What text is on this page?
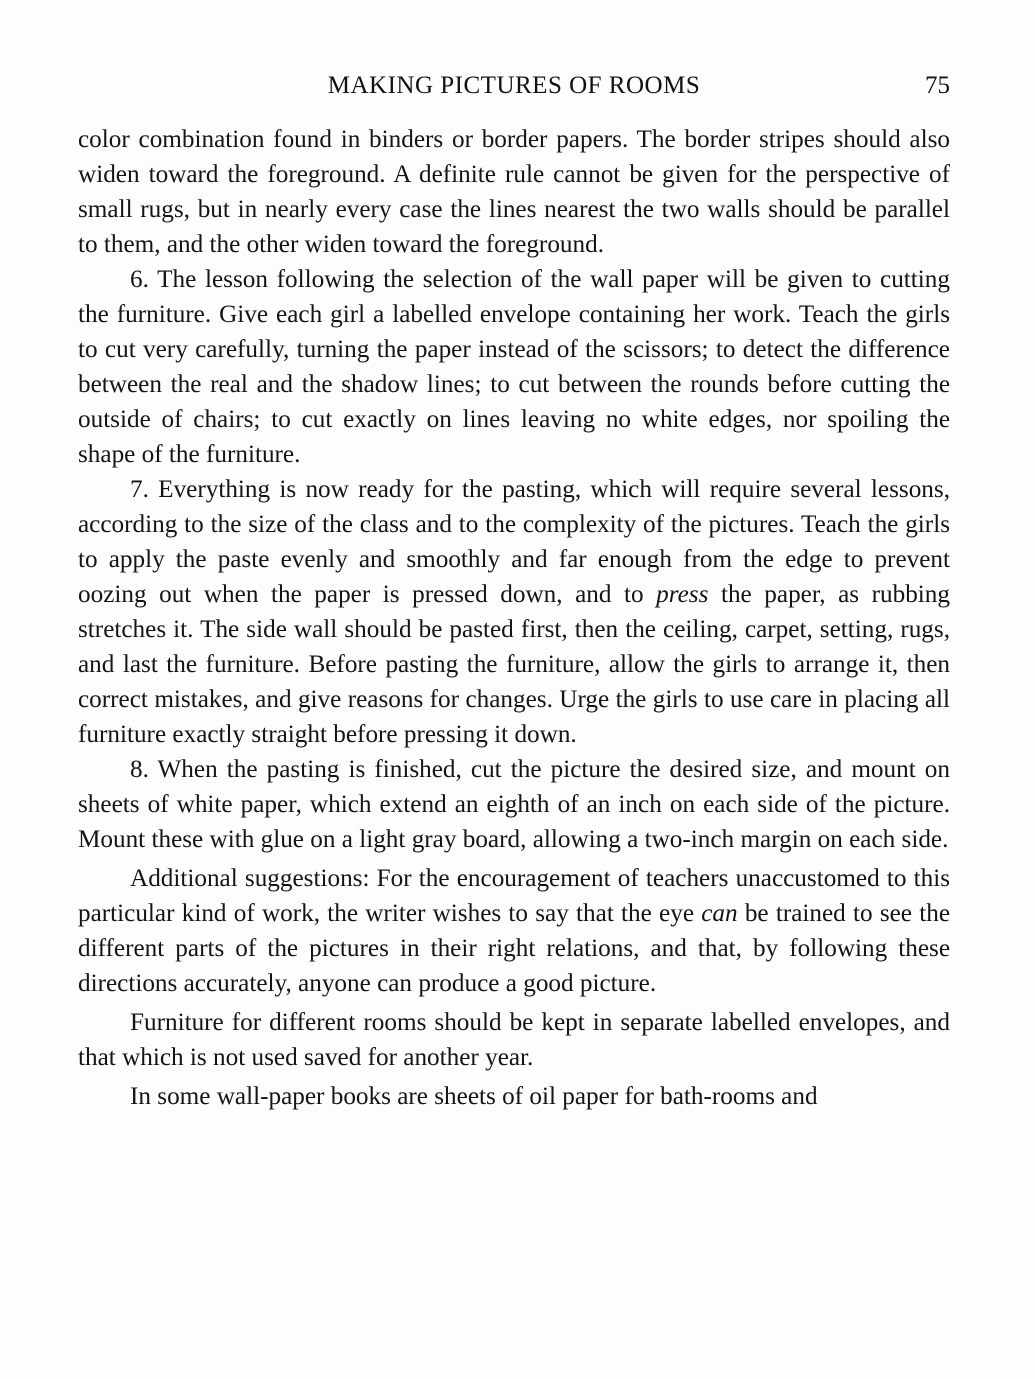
MAKING PICTURES OF ROOMS	75

color combination found in binders or border papers. The border stripes should also widen toward the foreground. A definite rule cannot be given for the perspective of small rugs, but in nearly every case the lines nearest the two walls should be parallel to them, and the other widen toward the foreground.

6. The lesson following the selection of the wall paper will be given to cutting the furniture. Give each girl a labelled envelope containing her work. Teach the girls to cut very carefully, turning the paper instead of the scissors; to detect the difference between the real and the shadow lines; to cut between the rounds before cutting the outside of chairs; to cut exactly on lines leaving no white edges, nor spoiling the shape of the furniture.

7. Everything is now ready for the pasting, which will require several lessons, according to the size of the class and to the complexity of the pictures. Teach the girls to apply the paste evenly and smoothly and far enough from the edge to prevent oozing out when the paper is pressed down, and to press the paper, as rubbing stretches it. The side wall should be pasted first, then the ceiling, carpet, setting, rugs, and last the furniture. Before pasting the furniture, allow the girls to arrange it, then correct mistakes, and give reasons for changes. Urge the girls to use care in placing all furniture exactly straight before pressing it down.

8. When the pasting is finished, cut the picture the desired size, and mount on sheets of white paper, which extend an eighth of an inch on each side of the picture. Mount these with glue on a light gray board, allowing a two-inch margin on each side.

Additional suggestions: For the encouragement of teachers unaccustomed to this particular kind of work, the writer wishes to say that the eye can be trained to see the different parts of the pictures in their right relations, and that, by following these directions accurately, anyone can produce a good picture.

Furniture for different rooms should be kept in separate labelled envelopes, and that which is not used saved for another year.

In some wall-paper books are sheets of oil paper for bath-rooms and
